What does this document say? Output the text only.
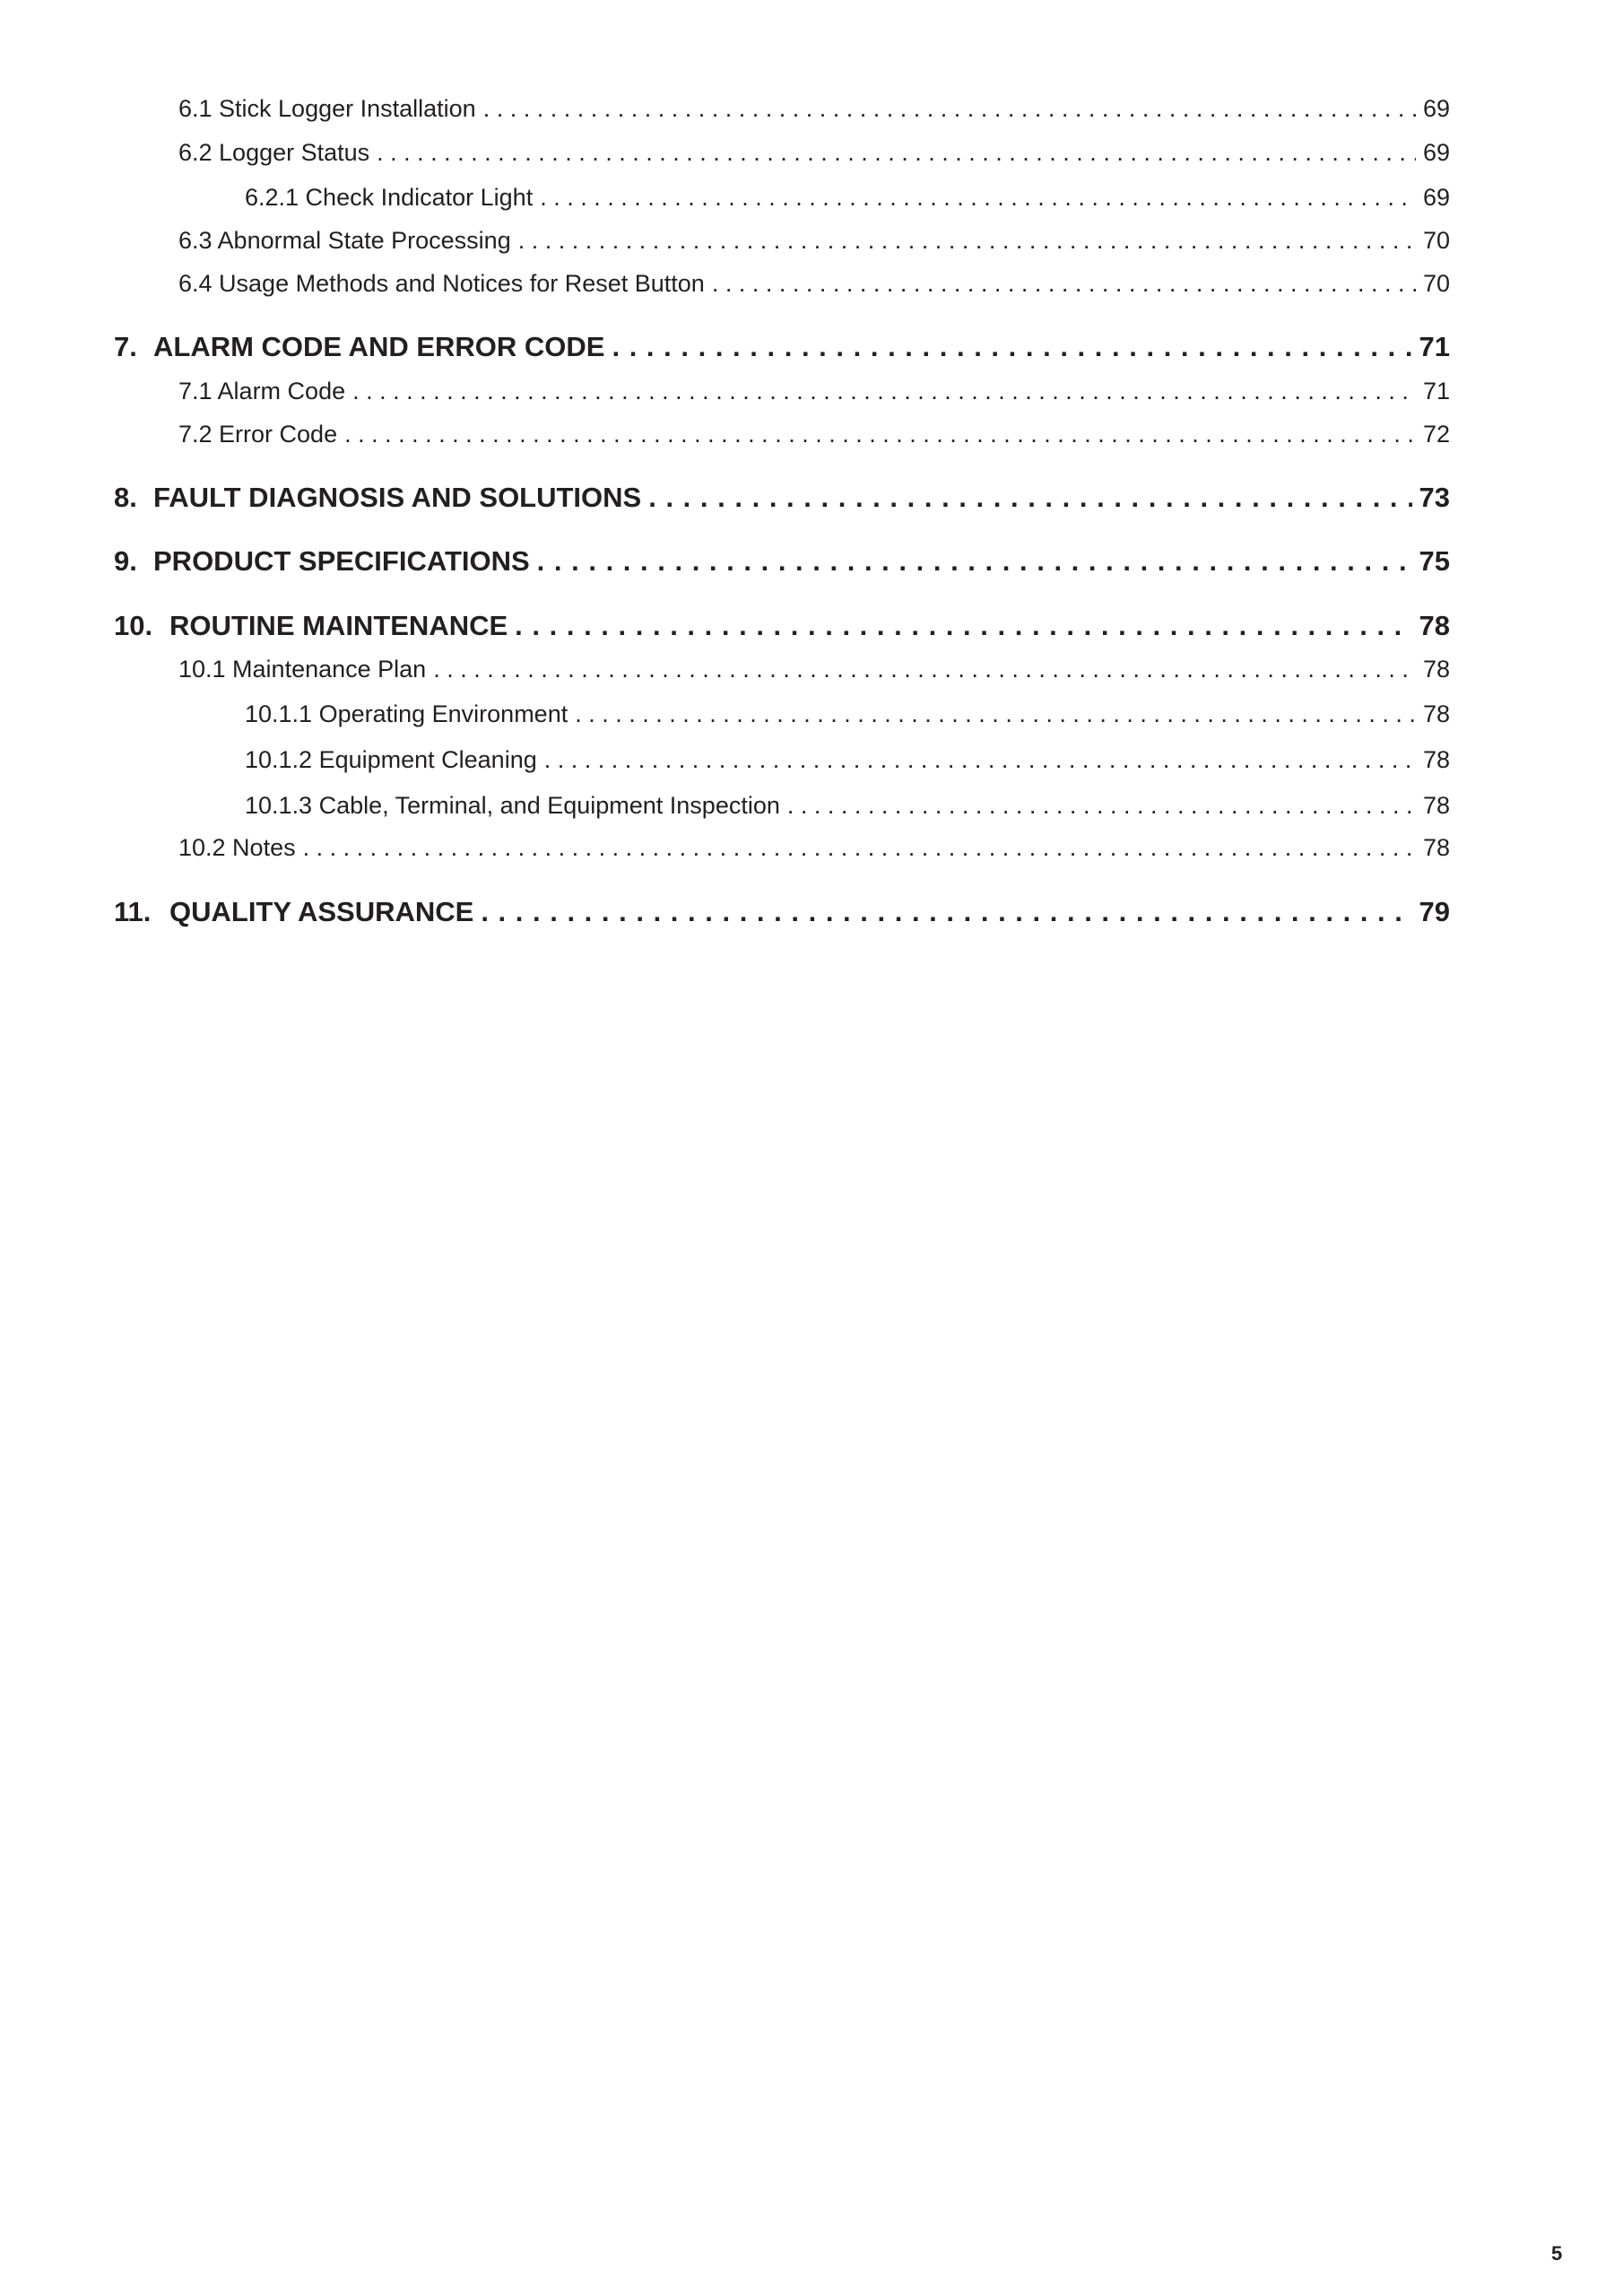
6.1 Stick Logger Installation . . .	69
6.2 Logger Status . . .	69
6.2.1 Check Indicator Light . . .	69
6.3 Abnormal State Processing . . .	70
6.4 Usage Methods and Notices for Reset Button . . .	70
7. ALARM CODE AND ERROR CODE . . .	71
7.1 Alarm Code . . .	71
7.2 Error Code . . .	72
8. FAULT DIAGNOSIS AND SOLUTIONS . . .	73
9. PRODUCT SPECIFICATIONS . . .	75
10. ROUTINE MAINTENANCE . . .	78
10.1 Maintenance Plan . . .	78
10.1.1 Operating Environment . . .	78
10.1.2 Equipment Cleaning . . .	78
10.1.3 Cable, Terminal, and Equipment Inspection . . .	78
10.2 Notes . . .	78
11. QUALITY ASSURANCE . . .	79
5
